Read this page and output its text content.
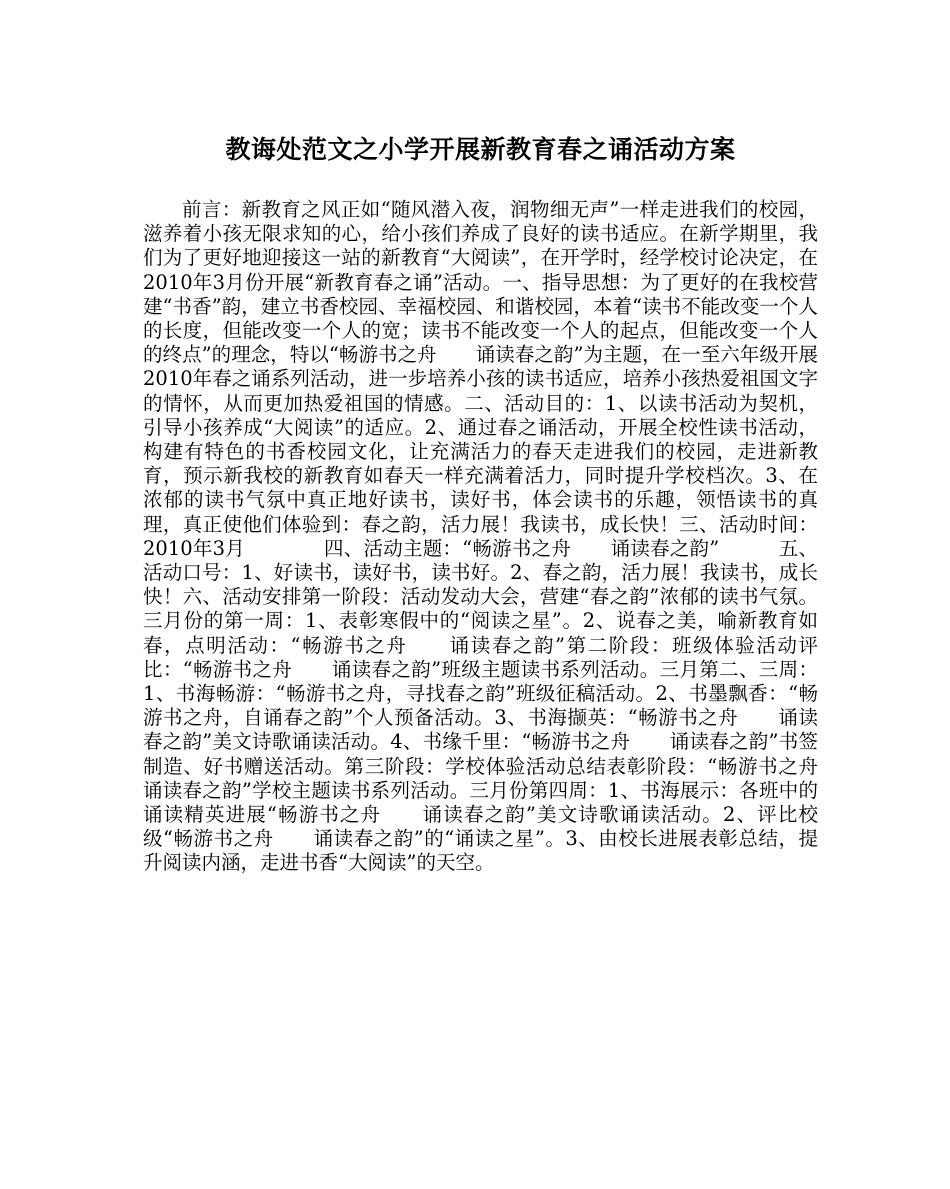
教诲处范文之小学开展新教育春之诵活动方案

前言：新教育之风正如“随风潜入夜，润物细无声”一样走进我们的校园，滋养着小孩无限求知的心，给小孩们养成了良好的读书适应。在新学期里，我们为了更好地迎接这一站的新教育“大阅读”，在开学时，经学校讨论决定，在2010年3月份开展“新教育春之诵”活动。一、指导思想：为了更好的在我校营建“书香”韵，建立书香校园、幸福校园、和谐校园，本着“读书不能改变一个人的长度，但能改变一个人的宽；读书不能改变一个人的起点，但能改变一个人的终点”的理念，特以“畅游书之舟　　诵读春之韵”为主题，在一至六年级开展2010年春之诵系列活动，进一步培养小孩的读书适应，培养小孩热爱祖国文字的情怀，从而更加热爱祖国的情感。二、活动目的：1、以读书活动为契机，引导小孩养成“大阅读”的适应。2、通过春之诵活动，开展全校性读书活动，构建有特色的书香校园文化，让充满活力的春天走进我们的校园，走进新教育，预示新我校的新教育如春天一样充满着活力，同时提升学校档次。3、在浓郁的读书气氛中真正地好读书，读好书，体会读书的乐趣，领悟读书的真理，真正使他们体验到：春之韵，活力展！我读书，成长快！三、活动时间：2010年3月　　　　四、活动主题：“畅游书之舟　　诵读春之韵”　　　五、活动口号：1、好读书，读好书，读书好。2、春之韵，活力展！我读书，成长快！六、活动安排第一阶段：活动发动大会，营建“春之韵”浓郁的读书气氛。三月份的第一周：1、表彰寒假中的“阅读之星”。2、说春之美，喻新教育如春，点明活动：“畅游书之舟　　诵读春之韵”第二阶段：班级体验活动评比：“畅游书之舟　　诵读春之韵”班级主题读书系列活动。三月第二、三周：1、书海畅游：“畅游书之舟，寻找春之韵”班级征稿活动。2、书墨飘香：“畅游书之舟，自诵春之韵”个人预备活动。3、书海撷英：“畅游书之舟　　诵读春之韵”美文诗歌诵读活动。4、书缘千里：“畅游书之舟　　诵读春之韵”书签制造、好书赠送活动。第三阶段：学校体验活动总结表彰阶段：“畅游书之舟　　诵读春之韵”学校主题读书系列活动。三月份第四周：1、书海展示：各班中的诵读精英进展“畅游书之舟　　诵读春之韵”美文诗歌诵读活动。2、评比校级“畅游书之舟　　诵读春之韵”的“诵读之星”。3、由校长进展表彰总结，提升阅读内涵，走进书香“大阅读”的天空。
